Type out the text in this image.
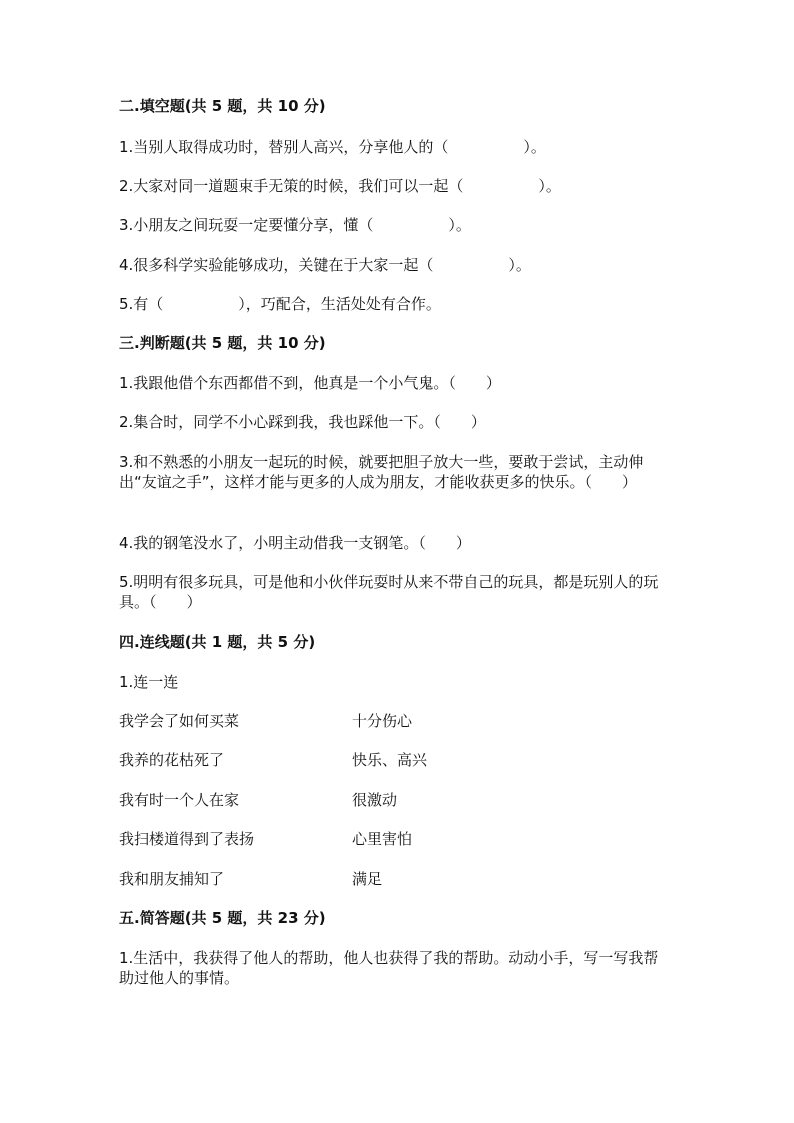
二.填空题(共 5 题，共 10 分)
1.当别人取得成功时，替别人高兴，分享他人的（　　　　　）。
2.大家对同一道题束手无策的时候，我们可以一起（　　　　　）。
3.小朋友之间玩耍一定要懂分享，懂（　　　　　）。
4.很多科学实验能够成功，关键在于大家一起（　　　　　）。
5.有（　　　　　），巧配合，生活处处有合作。
三.判断题(共 5 题，共 10 分)
1.我跟他借个东西都借不到，他真是一个小气鬼。（　　）
2.集合时，同学不小心踩到我，我也踩他一下。（　　）
3.和不熟悉的小朋友一起玩的时候，就要把胆子放大一些，要敢于尝试，主动伸出“友谊之手”，这样才能与更多的人成为朋友，才能收获更多的快乐。（　　）
4.我的钢笔没水了，小明主动借我一支钢笔。（　　）
5.明明有很多玩具，可是他和小伙伴玩耍时从来不带自己的玩具，都是玩别人的玩具。（　　）
四.连线题(共 1 题，共 5 分)
1.连一连
我学会了如何买菜	十分伤心
我养的花枯死了	快乐、高兴
我有时一个人在家	很激动
我扫楼道得到了表扬	心里害怕
我和朋友捕知了	满足
五.简答题(共 5 题，共 23 分)
1.生活中，我获得了他人的帮助，他人也获得了我的帮助。动动小手，写一写我帮助过他人的事情。
